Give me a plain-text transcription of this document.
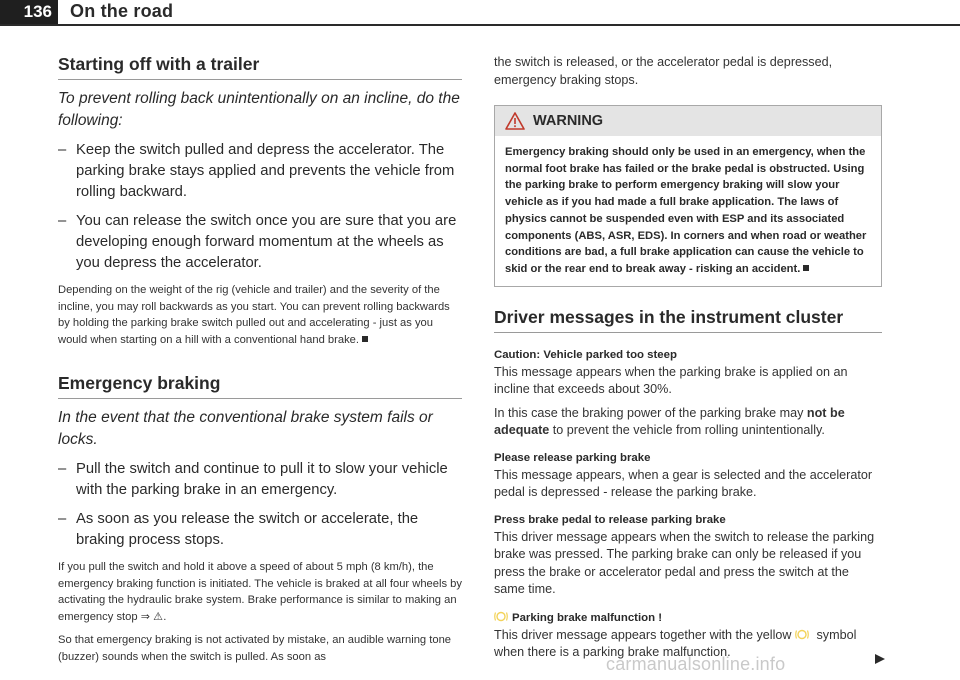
136	On the road
Starting off with a trailer
To prevent rolling back unintentionally on an incline, do the following:
– Keep the switch pulled and depress the accelerator. The parking brake stays applied and prevents the vehicle from rolling backward.
– You can release the switch once you are sure that you are developing enough forward momentum at the wheels as you depress the accelerator.

Depending on the weight of the rig (vehicle and trailer) and the severity of the incline, you may roll backwards as you start. You can prevent rolling backwards by holding the parking brake switch pulled out and accelerating - just as you would when starting on a hill with a conventional hand brake.

Emergency braking
In the event that the conventional brake system fails or locks.
– Pull the switch and continue to pull it to slow your vehicle with the parking brake in an emergency.
– As soon as you release the switch or accelerate, the braking process stops.

If you pull the switch and hold it above a speed of about 5 mph (8 km/h), the emergency braking function is initiated. The vehicle is braked at all four wheels by activating the hydraulic brake system. Brake performance is similar to making an emergency stop ⇒ ⚠.

So that emergency braking is not activated by mistake, an audible warning tone (buzzer) sounds when the switch is pulled. As soon as

the switch is released, or the accelerator pedal is depressed, emergency braking stops.

WARNING
Emergency braking should only be used in an emergency, when the normal foot brake has failed or the brake pedal is obstructed. Using the parking brake to perform emergency braking will slow your vehicle as if you had made a full brake application. The laws of physics cannot be suspended even with ESP and its associated components (ABS, ASR, EDS). In corners and when road or weather conditions are bad, a full brake application can cause the vehicle to skid or the rear end to break away - risking an accident.
Driver messages in the instrument cluster
Caution: Vehicle parked too steep

This message appears when the parking brake is applied on an incline that exceeds about 30%.

In this case the braking power of the parking brake may not be adequate to prevent the vehicle from rolling unintentionally.

Please release parking brake

This message appears, when a gear is selected and the accelerator pedal is depressed - release the parking brake.

Press brake pedal to release parking brake

This driver message appears when the switch to release the parking brake was pressed. The parking brake can only be released if you press the brake or accelerator pedal and press the switch at the same time.

Parking brake malfunction !

This driver message appears together with the yellow  symbol when there is a parking brake malfunction.

carmanualsonline.info
